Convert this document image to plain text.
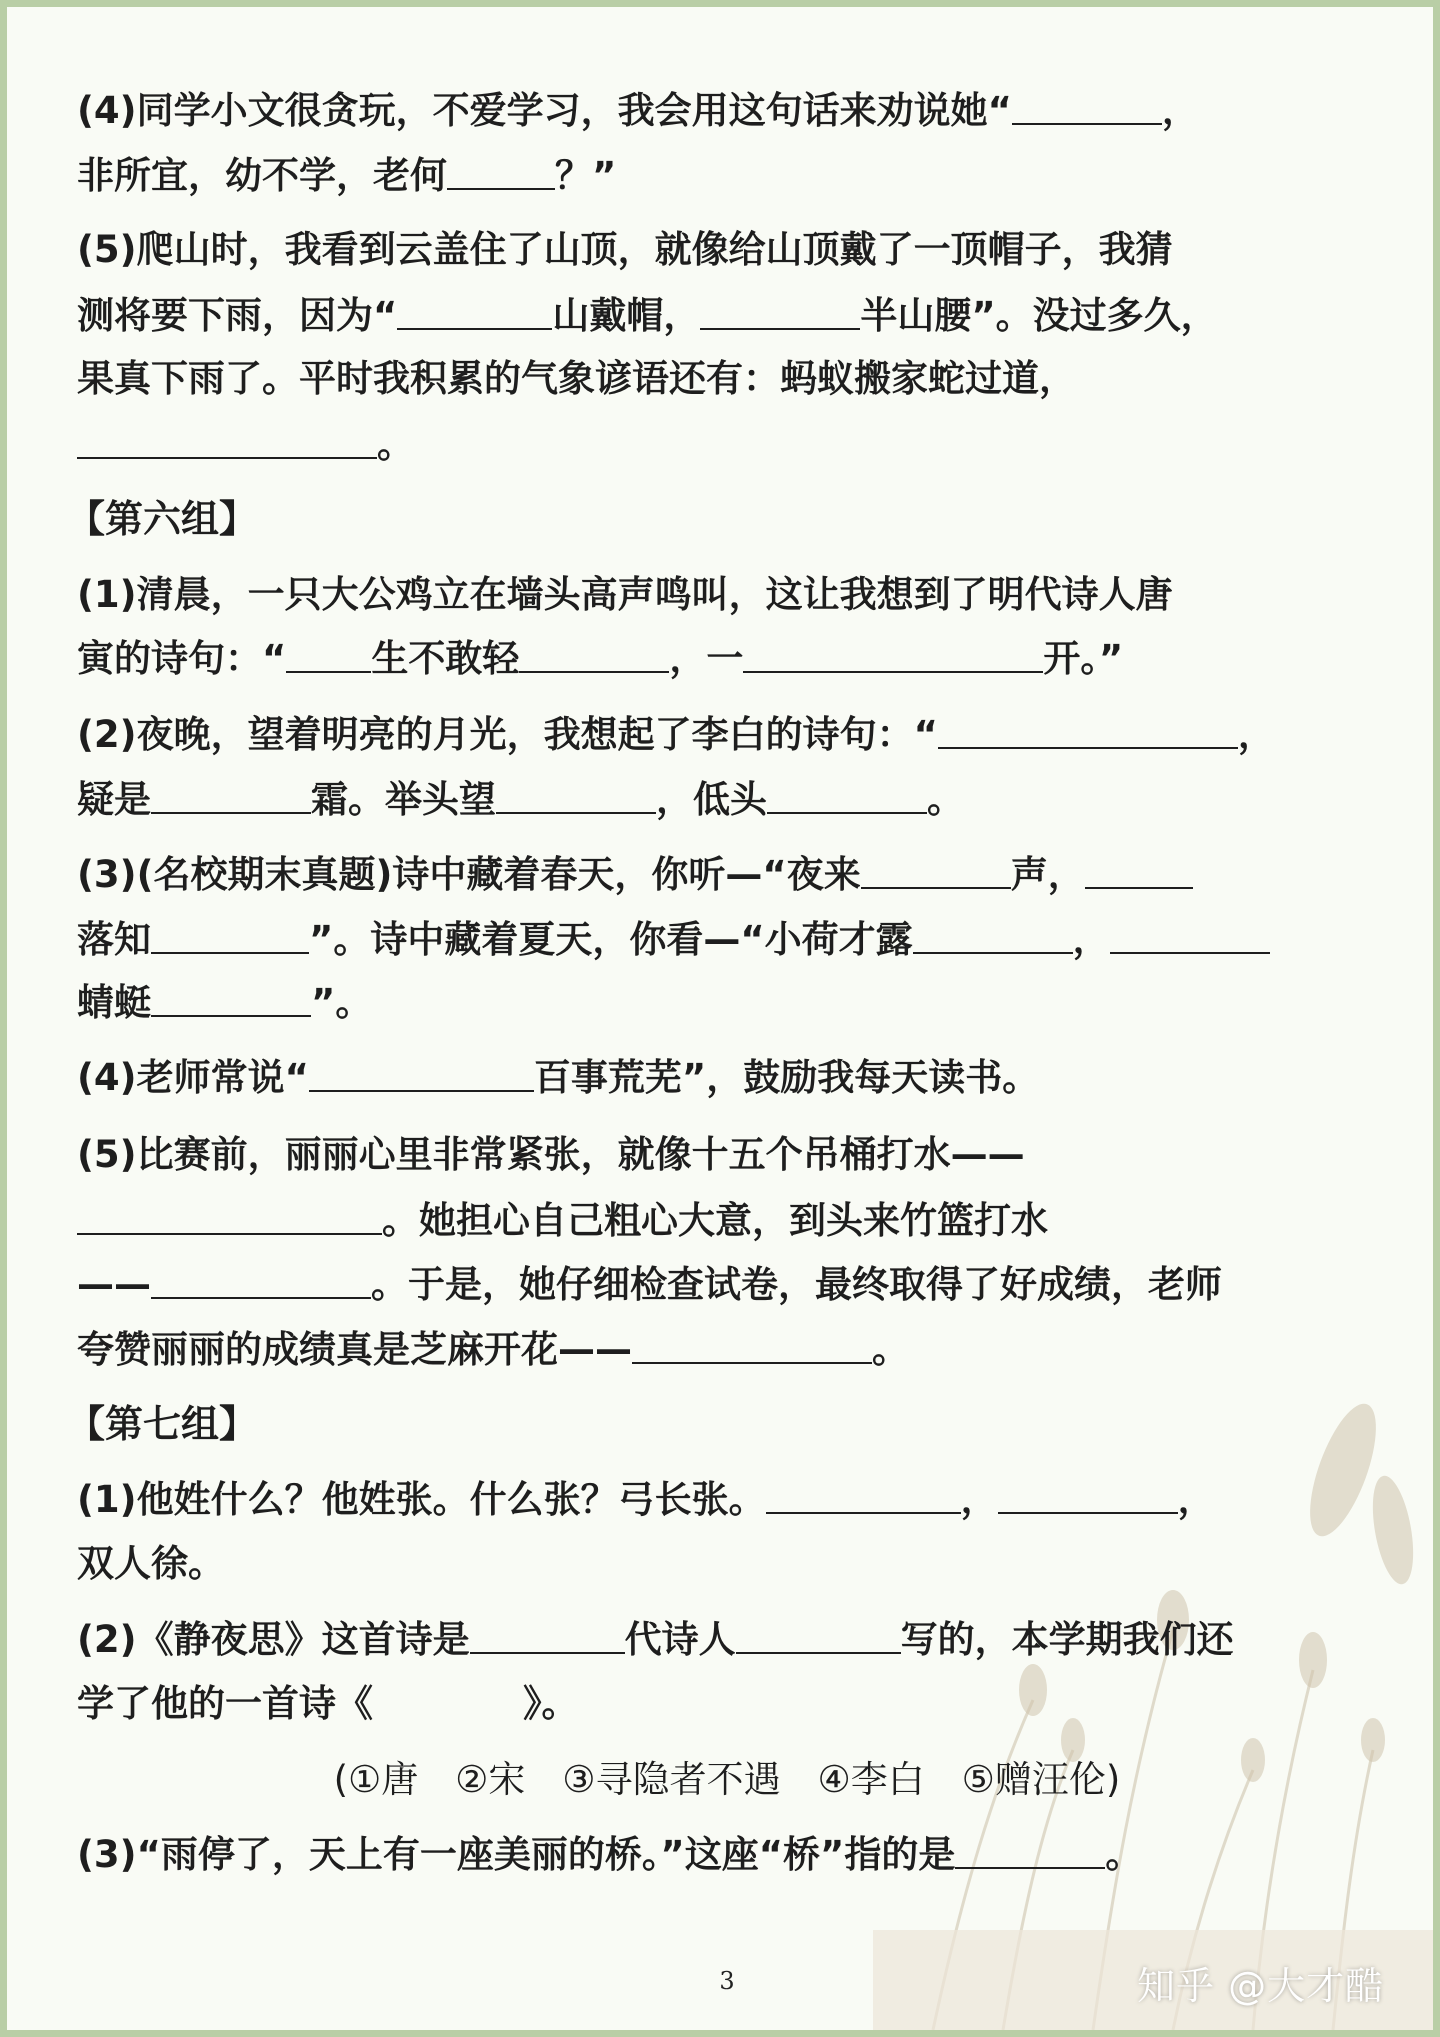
(4)同学小文很贪玩，不爱学习，我会用这句话来劝说她“	，
非所宜，幼不学，老何	？”
(5)爬山时，我看到云盖住了山顶，就像给山顶戴了一顶帽子，我猜
测将要下雨，因为“	山戴帽，	半山腰”。没过多久，
果真下雨了。平时我积累的气象谚语还有：蚂蚁搬家蛇过道，
。
【第六组】
(1)清晨，一只大公鸡立在墙头高声鸣叫，这让我想到了明代诗人唐
寅的诗句：“ 生不敢轻	，一	开。”
(2)夜晚，望着明亮的月光，我想起了李白的诗句：“	，
疑是	霜。举头望	，低头	。
(3)(名校期末真题)诗中藏着春天，你听—“夜来	声，
落知	”。诗中藏着夏天，你看—“小荷才露	，
蜻蜓	”。
(4)老师常说“	百事荒芜”，鼓励我每天读书。
(5)比赛前，丽丽心里非常紧张，就像十五个吊桶打水——
。她担心自己粗心大意，到头来竹篮打水
——	。于是，她仔细检查试卷，最终取得了好成绩，老师
夸赞丽丽的成绩真是芝麻开花——	。
【第七组】
(1)他姓什么？他姓张。什么张？弓长张。	，	，
双人徐。
(2)《静夜思》这首诗是	代诗人	写的，本学期我们还
学了他的一首诗《	》。
(①唐　②宋　③寻隐者不遇　④李白　⑤赠汪伦)
(3)“雨停了，天上有一座美丽的桥。”这座“桥”指的是	。
3	知乎 @大才酷
